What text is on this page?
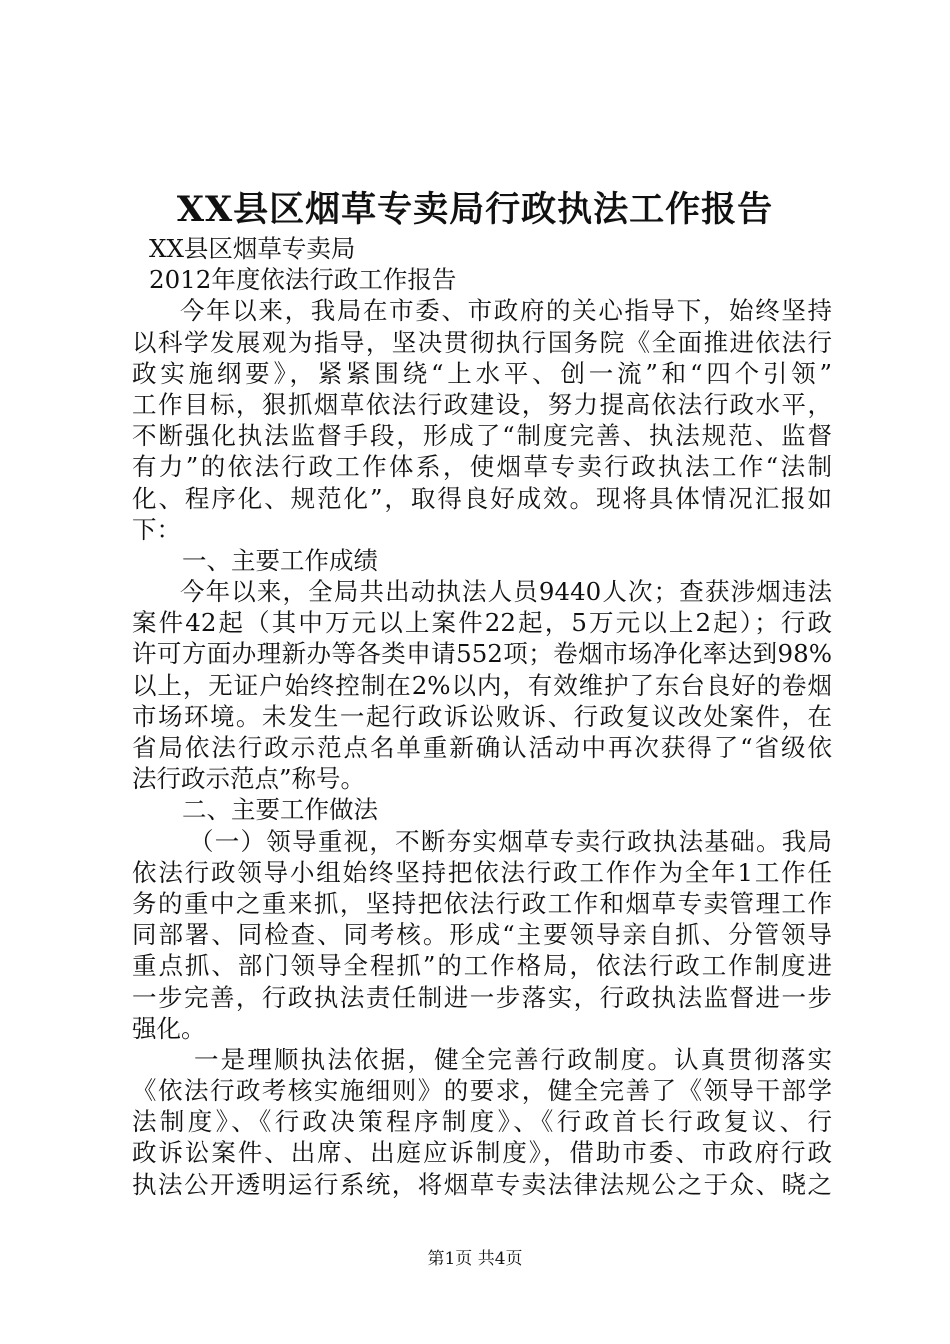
XX县区烟草专卖局行政执法工作报告
XX县区烟草专卖局
2012年度依法行政工作报告
今年以来，我局在市委、市政府的关心指导下，始终坚持
以科学发展观为指导，坚决贯彻执行国务院《全面推进依法行
政实施纲要》，紧紧围绕“上水平、创一流”和“四个引领”
工作目标，狠抓烟草依法行政建设，努力提高依法行政水平，
不断强化执法监督手段，形成了“制度完善、执法规范、监督
有力”的依法行政工作体系，使烟草专卖行政执法工作“法制
化、程序化、规范化”，取得良好成效。现将具体情况汇报如
下：
一、主要工作成绩
今年以来，全局共出动执法人员9440人次；查获涉烟违法
案件42起（其中万元以上案件22起，5万元以上2起）；行政
许可方面办理新办等各类申请552项；卷烟市场净化率达到98%
以上，无证户始终控制在2%以内，有效维护了东台良好的卷烟
市场环境。未发生一起行政诉讼败诉、行政复议改处案件，在
省局依法行政示范点名单重新确认活动中再次获得了“省级依
法行政示范点”称号。
二、主要工作做法
（一）领导重视，不断夯实烟草专卖行政执法基础。我局
依法行政领导小组始终坚持把依法行政工作作为全年1工作任
务的重中之重来抓，坚持把依法行政工作和烟草专卖管理工作
同部署、同检查、同考核。形成“主要领导亲自抓、分管领导
重点抓、部门领导全程抓”的工作格局，依法行政工作制度进
一步完善，行政执法责任制进一步落实，行政执法监督进一步
强化。
一是理顺执法依据，健全完善行政制度。认真贯彻落实
《依法行政考核实施细则》的要求，健全完善了《领导干部学
法制度》、《行政决策程序制度》、《行政首长行政复议、行
政诉讼案件、出席、出庭应诉制度》，借助市委、市政府行政
执法公开透明运行系统，将烟草专卖法律法规公之于众、晓之
第1页 共4页
